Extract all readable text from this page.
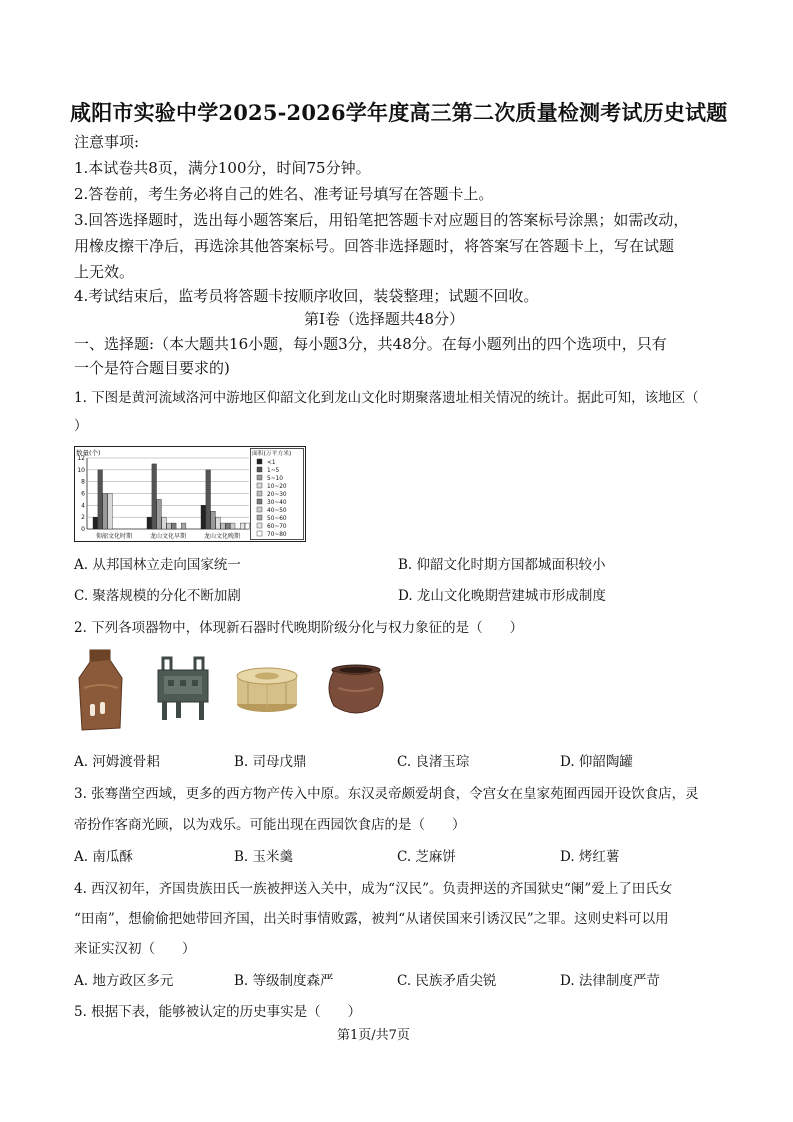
咸阳市实验中学2025-2026学年度高三第二次质量检测考试历史试题
注意事项:
1.本试卷共8页，满分100分，时间75分钟。
2.答卷前，考生务必将自己的姓名、准考证号填写在答题卡上。
3.回答选择题时，选出每小题答案后，用铅笔把答题卡对应题目的答案标号涂黑；如需改动，
用橡皮擦干净后，再选涂其他答案标号。回答非选择题时，将答案写在答题卡上，写在试题
上无效。
4.考试结束后，监考员将答题卡按顺序收回，装袋整理；试题不回收。
第Ⅰ卷（选择题共48分）
一、选择题:（本大题共16小题，每小题3分，共48分。在每小题列出的四个选项中，只有
一个是符合题目要求的)
1. 下图是黄河流域洛河中游地区仰韶文化到龙山文化时期聚落遗址相关情况的统计。据此可知，该地区（
）
数量(个)
12
10
8
6
4
2
0
仰韶文化时期	龙山文化早期	龙山文化晚期
面积(万平方米)
<1
1~5
5~10
10~20
20~30
30~40
40~50
50~60
60~70
70~80
A. 从邦国林立走向国家统一	B. 仰韶文化时期方国都城面积较小
C. 聚落规模的分化不断加剧	D. 龙山文化晚期营建城市形成制度
2. 下列各项器物中，体现新石器时代晚期阶级分化与权力象征的是（　　）
A. 河姆渡骨耜	B. 司母戊鼎	C. 良渚玉琮	D. 仰韶陶罐
3. 张骞凿空西域，更多的西方物产传入中原。东汉灵帝颇爱胡食，令宫女在皇家苑囿西园开设饮食店，灵
帝扮作客商光顾，以为戏乐。可能出现在西园饮食店的是（　　）
A. 南瓜酥	B. 玉米羹	C. 芝麻饼	D. 烤红薯
4. 西汉初年，齐国贵族田氏一族被押送入关中，成为“汉民”。负责押送的齐国狱史“阑”爱上了田氏女
“田南”，想偷偷把她带回齐国，出关时事情败露，被判“从诸侯国来引诱汉民”之罪。这则史料可以用
来证实汉初（　　）
A. 地方政区多元	B. 等级制度森严	C. 民族矛盾尖锐	D. 法律制度严苛
5. 根据下表，能够被认定的历史事实是（　　）
第1页/共7页
